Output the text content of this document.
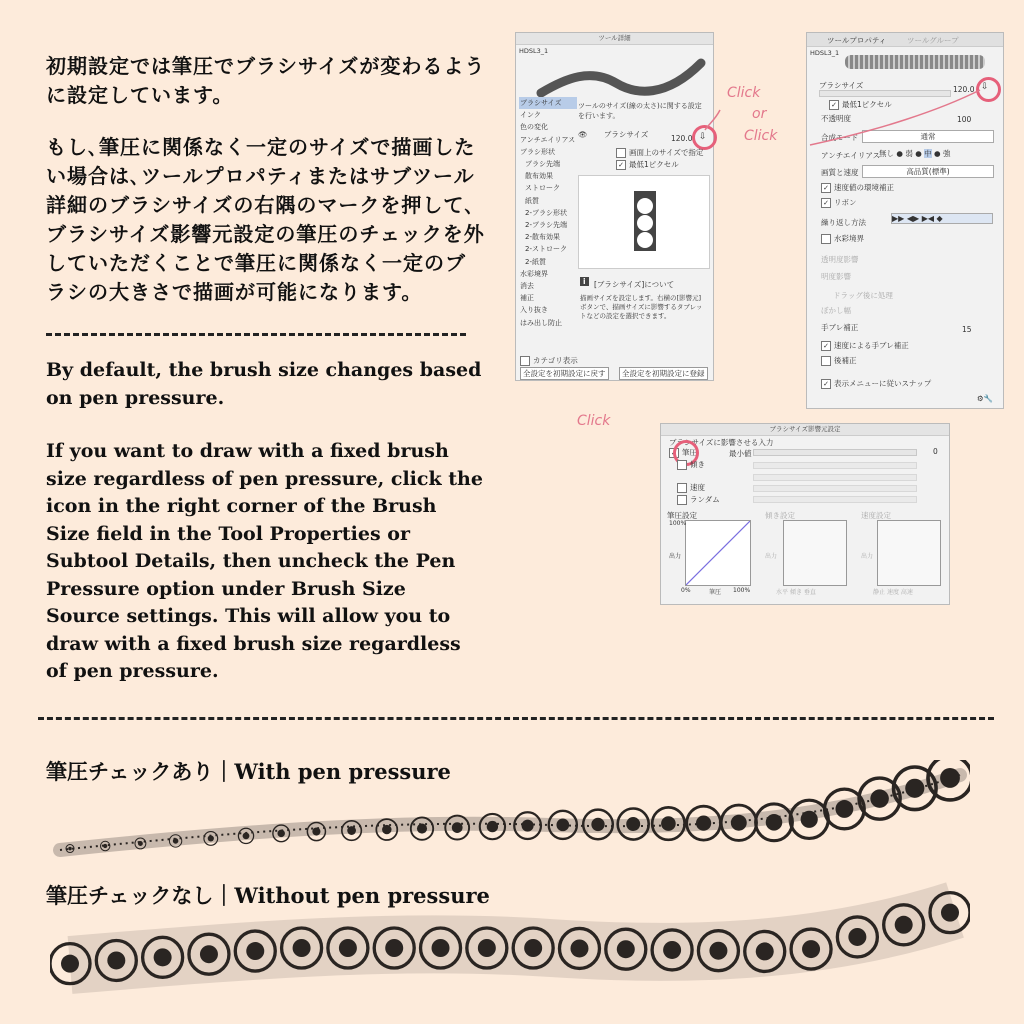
初期設定では筆圧でブラシサイズが変わるように設定しています。

もし､筆圧に関係なく一定のサイズで描画したい場合は､ツールプロパティまたはサブツール詳細のブラシサイズの右隅のマークを押して､ブラシサイズ影響元設定の筆圧のチェックを外していただくことで筆圧に関係なく一定のブラシの大きさで描画が可能になります。

By default, the brush size changes based on pen pressure.

If you want to draw with a fixed brush size regardless of pen pressure, click the icon in the right corner of the Brush Size field in the Tool Properties or Subtool Details, then uncheck the Pen Pressure option under Brush Size Source settings. This will allow you to draw with a fixed brush size regardless of pen pressure.

ツール詳細
HDSL3_1
ブラシサイズ
インク
色の変化
アンチエイリアス
ブラシ形状
ブラシ先端
散布効果
ストローク
紙質
2-ブラシ形状
2-ブラシ先端
2-散布効果
2-ストローク
2-紙質
水彩境界
消去
補正
入り抜き
はみ出し防止
ツールのサイズ(線の太さ)に関する設定を行います。
👁 ブラシサイズ	120.0 ⇩
画面上のサイズで指定
✓ 最低1ピクセル
i	[ブラシサイズ]について
描画サイズを設定します。右横の[影響元]ボタンで、描画サイズに影響するタブレットなどの設定を選択できます。
カテゴリ表示
全設定を初期設定に戻す	全設定を初期設定に登録
ツールプロパティ	ツールグループ
HDSL3_1
ブラシサイズ	120.0 ⇩
✓ 最低1ピクセル
不透明度	100
合成モード	通常
アンチエイリアス
無し ● 弱 ● 中 ● 強
画質と速度	高品質(標準)
✓ 速度値の環境補正
✓ リボン
繰り返し方法	▶▶ ◀▶ ▶◀ ◆
水彩境界
透明度影響
明度影響
ドラッグ後に処理
ぼかし幅
手ブレ補正	15
✓ 速度による手ブレ補正
後補正
✓ 表示メニューに従いスナップ
⚙🔧
Click
or
Click
Click	ブラシサイズ影響元設定
ブラシサイズに影響させる入力
✓ 筆圧
傾き
速度
ランダム
最小値	0
筆圧設定
100%
出力
0%	筆圧 100%
傾き設定
出力
水平 傾き 垂直
速度設定
出力
静止 速度 高速
筆圧チェックあり｜With pen pressure
筆圧チェックなし｜Without pen pressure
